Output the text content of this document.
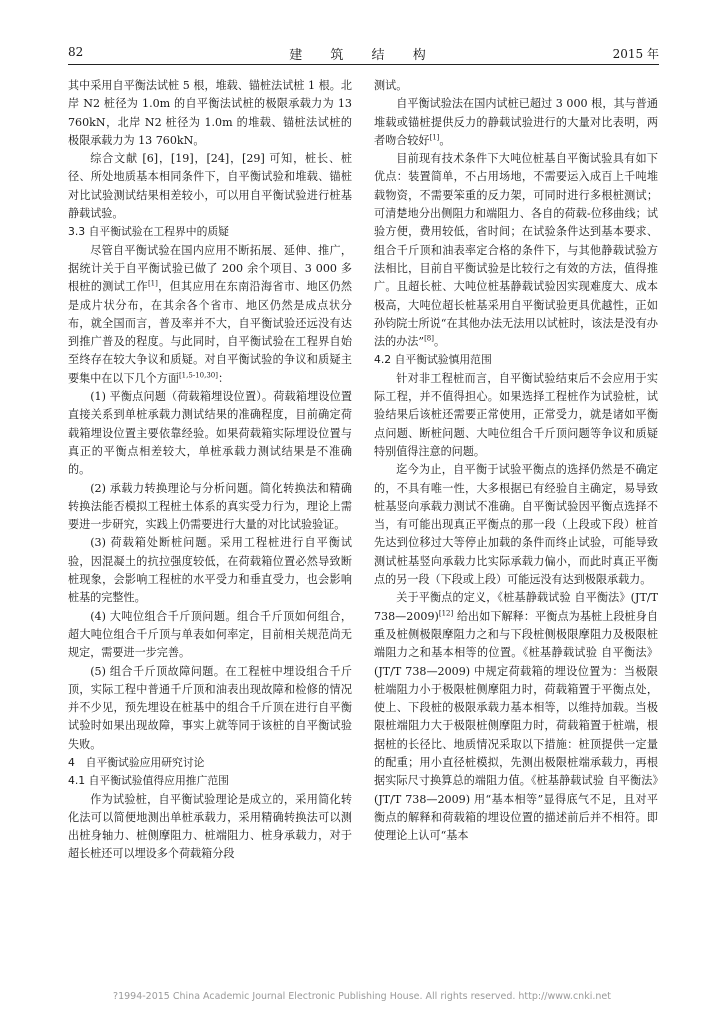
82	建 筑 结 构	2015 年

其中采用自平衡法试桩 5 根，堆载、锚桩法试桩 1 根。北岸 N2 桩径为 1.0m 的自平衡法试桩的极限承载力为 13 760kN，北岸 N2 桩径为 1.0m 的堆载、锚桩法试桩的极限承载力为 13 760kN。

综合文献 [6]，[19]，[24]，[29] 可知，桩长、桩径、所处地质基本相同条件下，自平衡试验和堆载、锚桩对比试验测试结果相差较小，可以用自平衡试验进行桩基静载试验。

3.3 自平衡试验在工程界中的质疑

尽管自平衡试验在国内应用不断拓展、延伸、推广，据统计关于自平衡试验已做了 200 余个项目、3 000 多根桩的测试工作[1]，但其应用在东南沿海省市、地区仍然是成片状分布，在其余各个省市、地区仍然是成点状分布，就全国而言，普及率并不大，自平衡试验还远没有达到推广普及的程度。与此同时，自平衡试验在工程界自始至终存在较大争议和质疑。对自平衡试验的争议和质疑主要集中在以下几个方面[1,5-10,30]：

(1) 平衡点问题（荷载箱埋设位置）。荷载箱埋设位置直接关系到单桩承载力测试结果的准确程度，目前确定荷载箱埋设位置主要依靠经验。如果荷载箱实际埋设位置与真正的平衡点相差较大，单桩承载力测试结果是不准确的。

(2) 承载力转换理论与分析问题。简化转换法和精确转换法能否模拟工程桩土体系的真实受力行为，理论上需要进一步研究，实践上仍需要进行大量的对比试验验证。

(3) 荷载箱处断桩问题。采用工程桩进行自平衡试验，因混凝土的抗拉强度较低，在荷载箱位置必然导致断桩现象，会影响工程桩的水平受力和垂直受力，也会影响桩基的完整性。

(4) 大吨位组合千斤顶问题。组合千斤顶如何组合，超大吨位组合千斤顶与单表如何率定，目前相关规范尚无规定，需要进一步完善。

(5) 组合千斤顶故障问题。在工程桩中埋设组合千斤顶，实际工程中普通千斤顶和油表出现故障和检修的情况并不少见，预先埋设在桩基中的组合千斤顶在进行自平衡试验时如果出现故障，事实上就等同于该桩的自平衡试验失败。

4　自平衡试验应用研究讨论

4.1 自平衡试验值得应用推广范围

作为试验桩，自平衡试验理论是成立的，采用简化转化法可以简便地测出单桩承载力，采用精确转换法可以测出桩身轴力、桩侧摩阻力、桩端阻力、桩身承载力，对于超长桩还可以埋设多个荷载箱分段

测试。

自平衡试验法在国内试桩已超过 3 000 根，其与普通堆载或锚桩提供反力的静载试验进行的大量对比表明，两者吻合较好[1]。

目前现有技术条件下大吨位桩基自平衡试验具有如下优点：装置简单，不占用场地，不需要运入成百上千吨堆载物资，不需要笨重的反力架，可同时进行多根桩测试；可清楚地分出侧阻力和端阻力、各自的荷载-位移曲线；试验方便，费用较低，省时间；在试验条件达到基本要求、组合千斤顶和油表率定合格的条件下，与其他静载试验方法相比，目前自平衡试验是比较行之有效的方法，值得推广。且超长桩、大吨位桩基静载试验因实现难度大、成本极高，大吨位超长桩基采用自平衡试验更具优越性，正如孙钧院士所说“在其他办法无法用以试桩时，该法是没有办法的办法”[8]。

4.2 自平衡试验慎用范围

针对非工程桩而言，自平衡试验结束后不会应用于实际工程，并不值得担心。如果选择工程桩作为试验桩，试验结果后该桩还需要正常使用，正常受力，就是诸如平衡点问题、断桩问题、大吨位组合千斤顶问题等争议和质疑特别值得注意的问题。

迄今为止，自平衡于试验平衡点的选择仍然是不确定的，不具有唯一性，大多根据已有经验自主确定，易导致桩基竖向承载力测试不准确。自平衡试验因平衡点选择不当，有可能出现真正平衡点的那一段（上段或下段）桩首先达到位移过大等停止加载的条件而终止试验，可能导致测试桩基竖向承载力比实际承载力偏小，而此时真正平衡点的另一段（下段或上段）可能远没有达到极限承载力。

关于平衡点的定义，《桩基静载试验 自平衡法》(JT/T 738—2009)[12] 给出如下解释：平衡点为基桩上段桩身自重及桩侧极限摩阻力之和与下段桩侧极限摩阻力及极限桩端阻力之和基本相等的位置。《桩基静载试验 自平衡法》(JT/T 738—2009) 中规定荷载箱的埋设位置为：当极限桩端阻力小于极限桩侧摩阻力时，荷载箱置于平衡点处，使上、下段桩的极限承载力基本相等，以维持加载。当极限桩端阻力大于极限桩侧摩阻力时，荷载箱置于桩端，根据桩的长径比、地质情况采取以下措施：桩顶提供一定量的配重；用小直径桩模拟，先测出极限桩端承载力，再根据实际尺寸换算总的端阻力值。《桩基静载试验 自平衡法》(JT/T 738—2009) 用“基本相等”显得底气不足，且对平衡点的解释和荷载箱的埋设位置的描述前后并不相符。即使理论上认可“基本

?1994-2015 China Academic Journal Electronic Publishing House. All rights reserved. http://www.cnki.net
